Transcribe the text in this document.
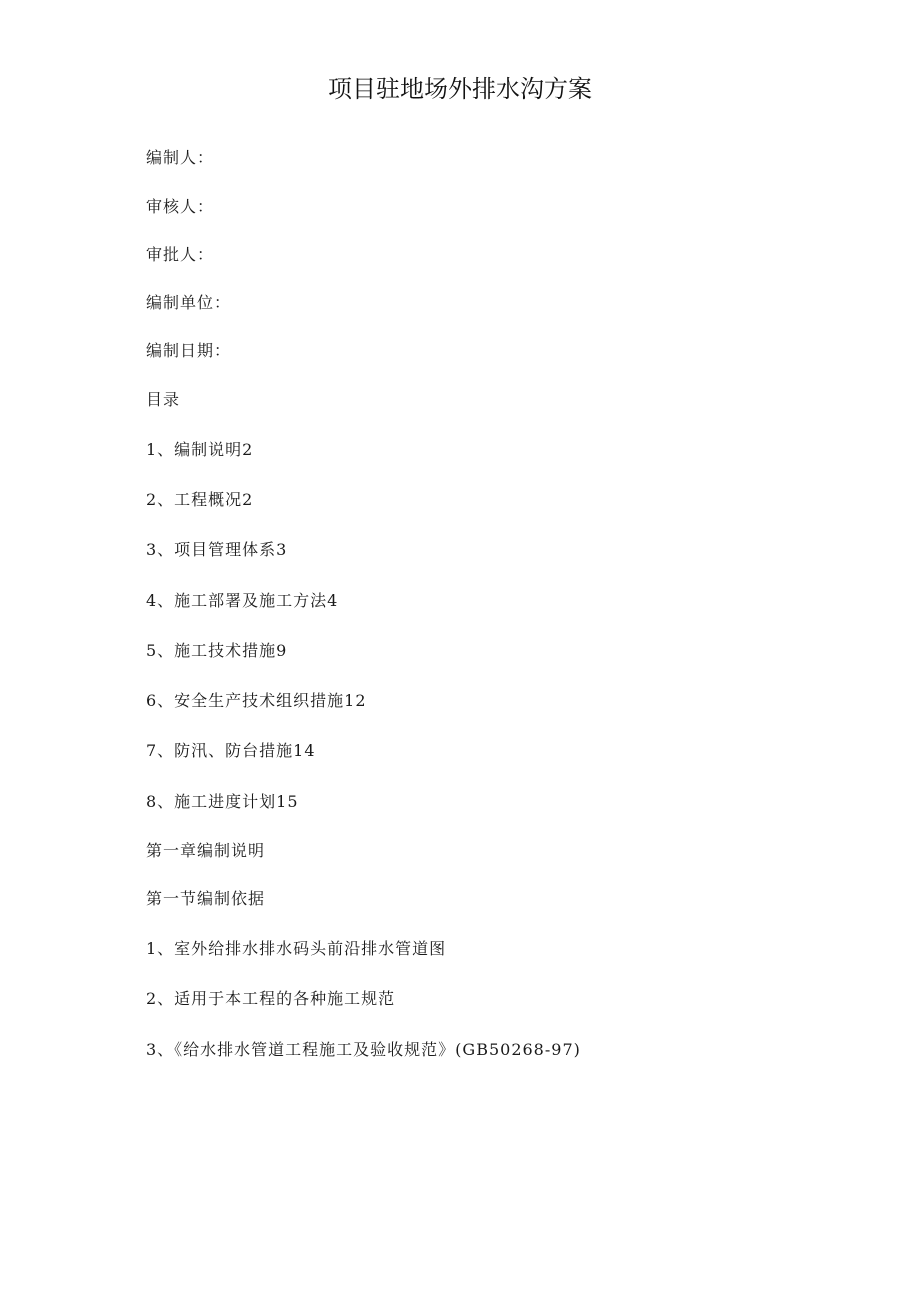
项目驻地场外排水沟方案
编制人：
审核人：
审批人：
编制单位：
编制日期：
目录
1、编制说明2
2、工程概况2
3、项目管理体系3
4、施工部署及施工方法4
5、施工技术措施9
6、安全生产技术组织措施12
7、防汛、防台措施14
8、施工进度计划15
第一章编制说明
第一节编制依据
1、室外给排水排水码头前沿排水管道图
2、适用于本工程的各种施工规范
3、《给水排水管道工程施工及验收规范》(GB50268-97)
